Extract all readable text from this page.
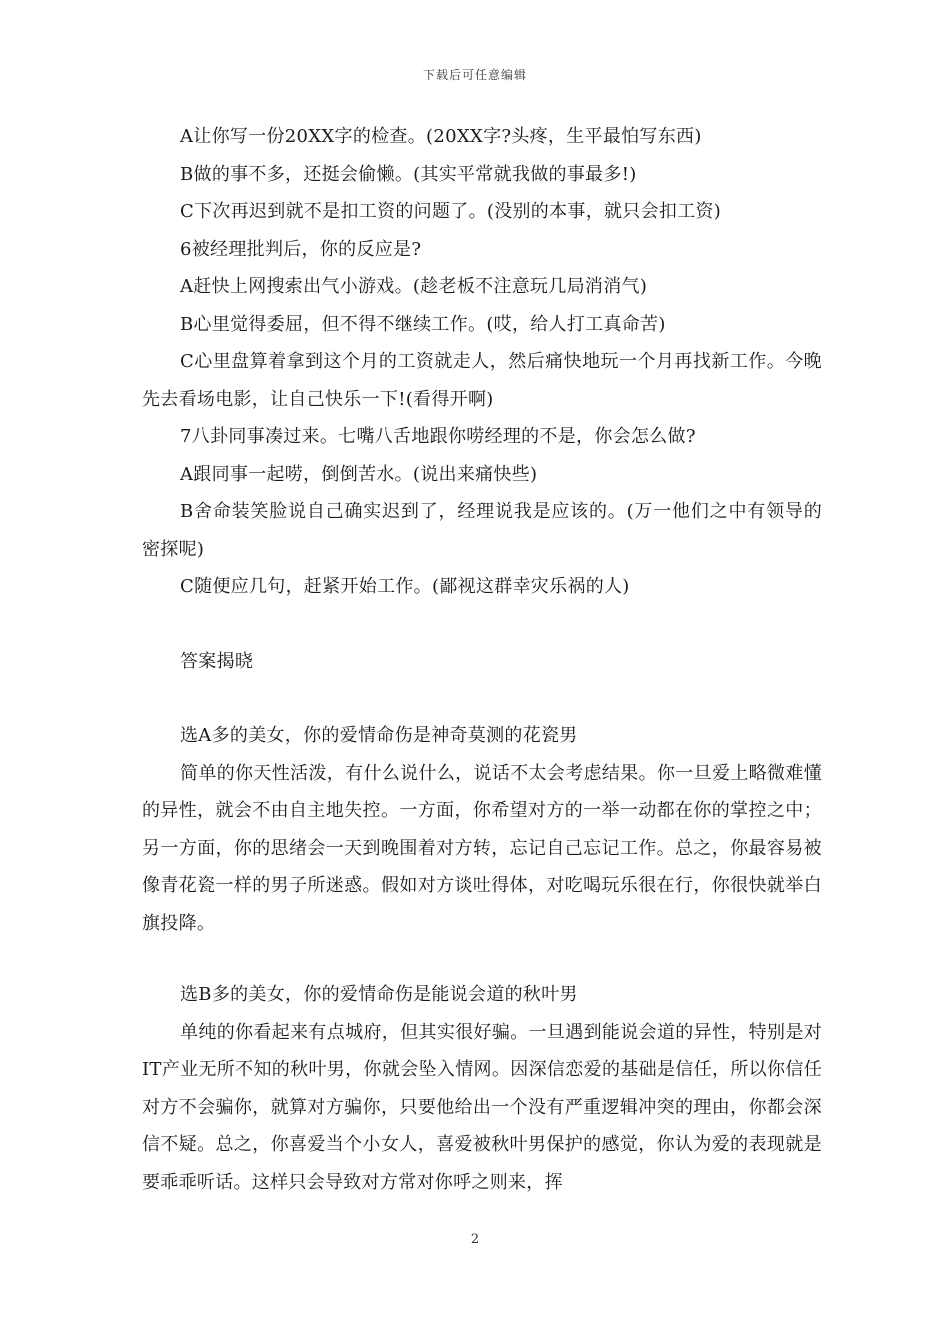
下载后可任意编辑

A让你写一份20XX字的检查。(20XX字?头疼，生平最怕写东西)

B做的事不多，还挺会偷懒。(其实平常就我做的事最多!)

C下次再迟到就不是扣工资的问题了。(没别的本事，就只会扣工资)

6被经理批判后，你的反应是?

A赶快上网搜索出气小游戏。(趁老板不注意玩几局消消气)

B心里觉得委屈，但不得不继续工作。(哎，给人打工真命苦)

C心里盘算着拿到这个月的工资就走人，然后痛快地玩一个月再找新工作。今晚先去看场电影，让自己快乐一下!(看得开啊)

7八卦同事凑过来。七嘴八舌地跟你唠经理的不是，你会怎么做?

A跟同事一起唠，倒倒苦水。(说出来痛快些)

B舍命装笑脸说自己确实迟到了，经理说我是应该的。(万一他们之中有领导的密探呢)

C随便应几句，赶紧开始工作。(鄙视这群幸灾乐祸的人)

答案揭晓

选A多的美女，你的爱情命伤是神奇莫测的花瓷男

简单的你天性活泼，有什么说什么，说话不太会考虑结果。你一旦爱上略微难懂的异性，就会不由自主地失控。一方面，你希望对方的一举一动都在你的掌控之中；另一方面，你的思绪会一天到晚围着对方转，忘记自己忘记工作。总之，你最容易被像青花瓷一样的男子所迷惑。假如对方谈吐得体，对吃喝玩乐很在行，你很快就举白旗投降。

选B多的美女，你的爱情命伤是能说会道的秋叶男

单纯的你看起来有点城府，但其实很好骗。一旦遇到能说会道的异性，特别是对IT产业无所不知的秋叶男，你就会坠入情网。因深信恋爱的基础是信任，所以你信任对方不会骗你，就算对方骗你，只要他给出一个没有严重逻辑冲突的理由，你都会深信不疑。总之，你喜爱当个小女人，喜爱被秋叶男保护的感觉，你认为爱的表现就是要乖乖听话。这样只会导致对方常对你呼之则来，挥

2
